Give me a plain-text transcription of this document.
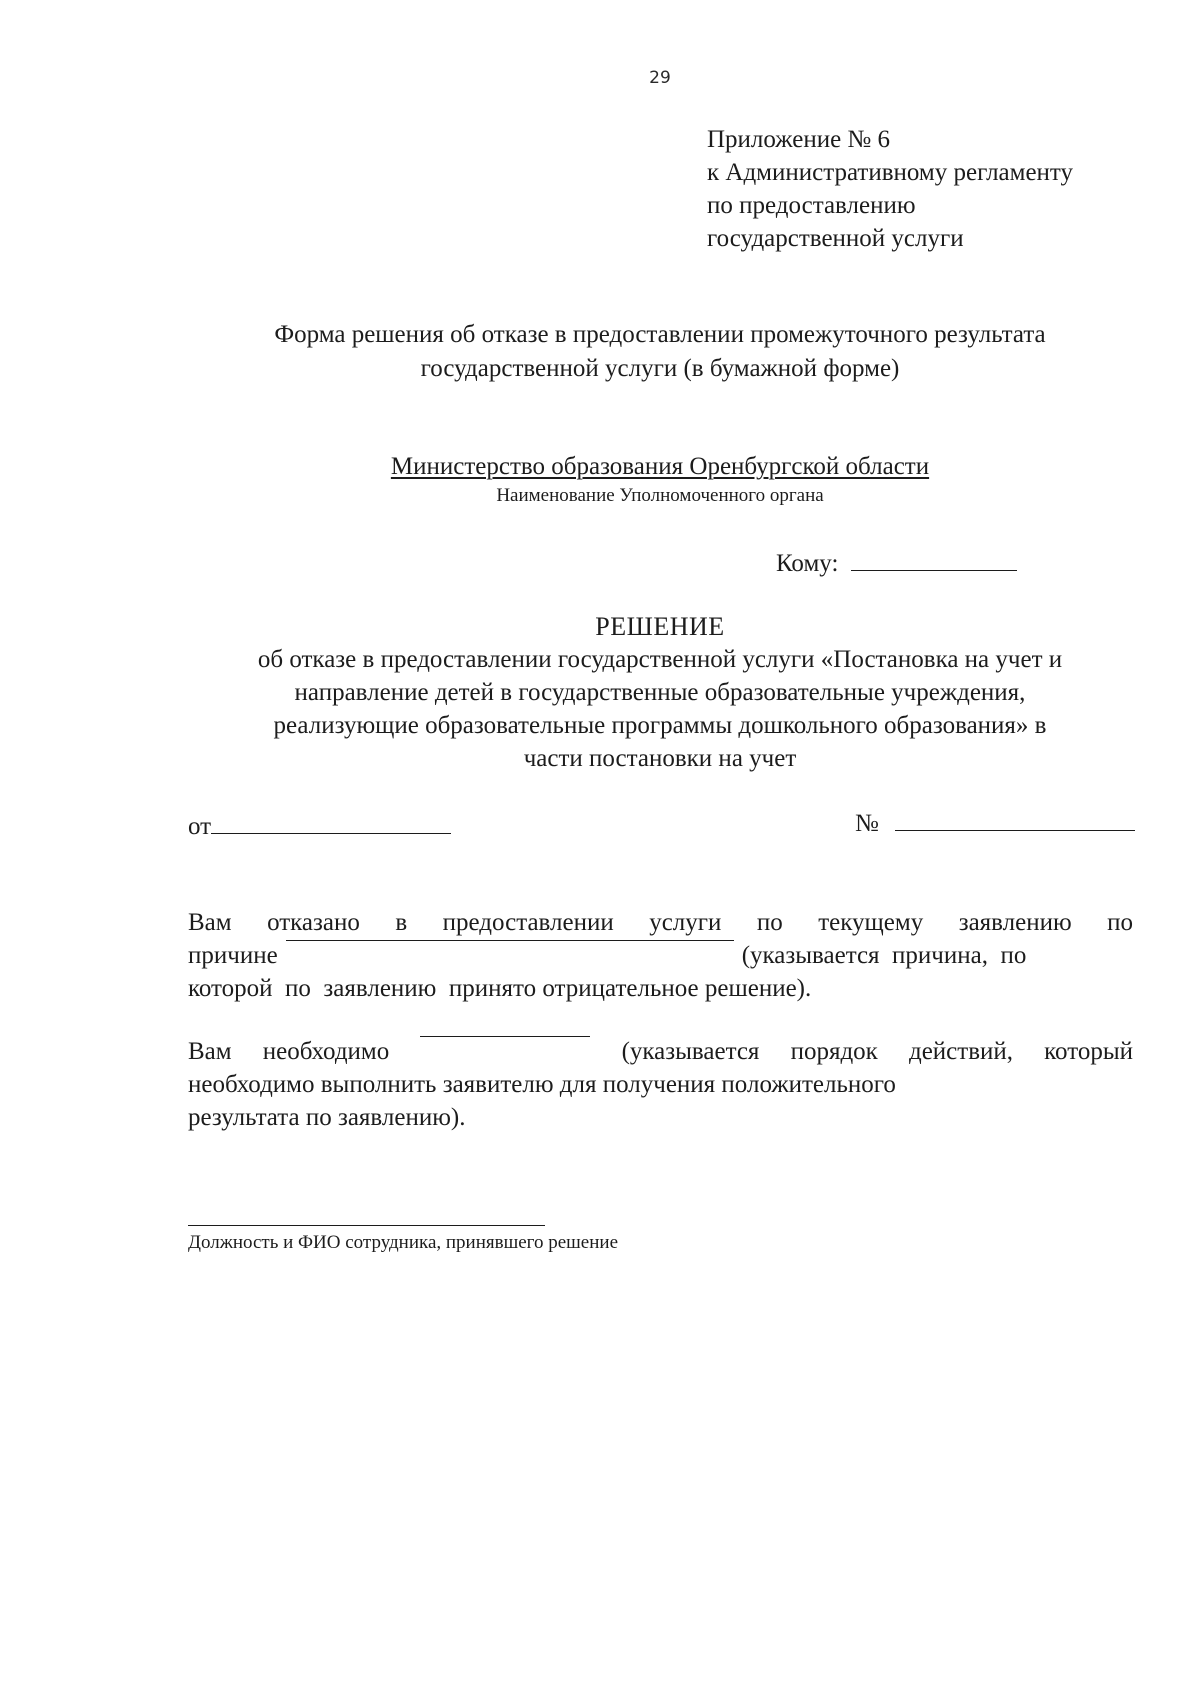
29
Приложение № 6
к Административному регламенту
по предоставлению
государственной услуги
Форма решения об отказе в предоставлении промежуточного результата
государственной услуги (в бумажной форме)
Министерство образования Оренбургской области
Наименование Уполномоченного органа
Кому:
РЕШЕНИЕ
об отказе в предоставлении государственной услуги «Постановка на учет и
направление детей в государственные образовательные учреждения,
реализующие образовательные программы дошкольного образования» в
части постановки на учет
от	№
Вам отказано в предоставлении услуги по текущему заявлению по
причине	(указывается  причина,  по
которой  по  заявлению  принято отрицательное решение).
Вам необходимо	(указывается порядок действий, который
необходимо выполнить заявителю для получения положительного
результата по заявлению).
Должность и ФИО сотрудника, принявшего решение
